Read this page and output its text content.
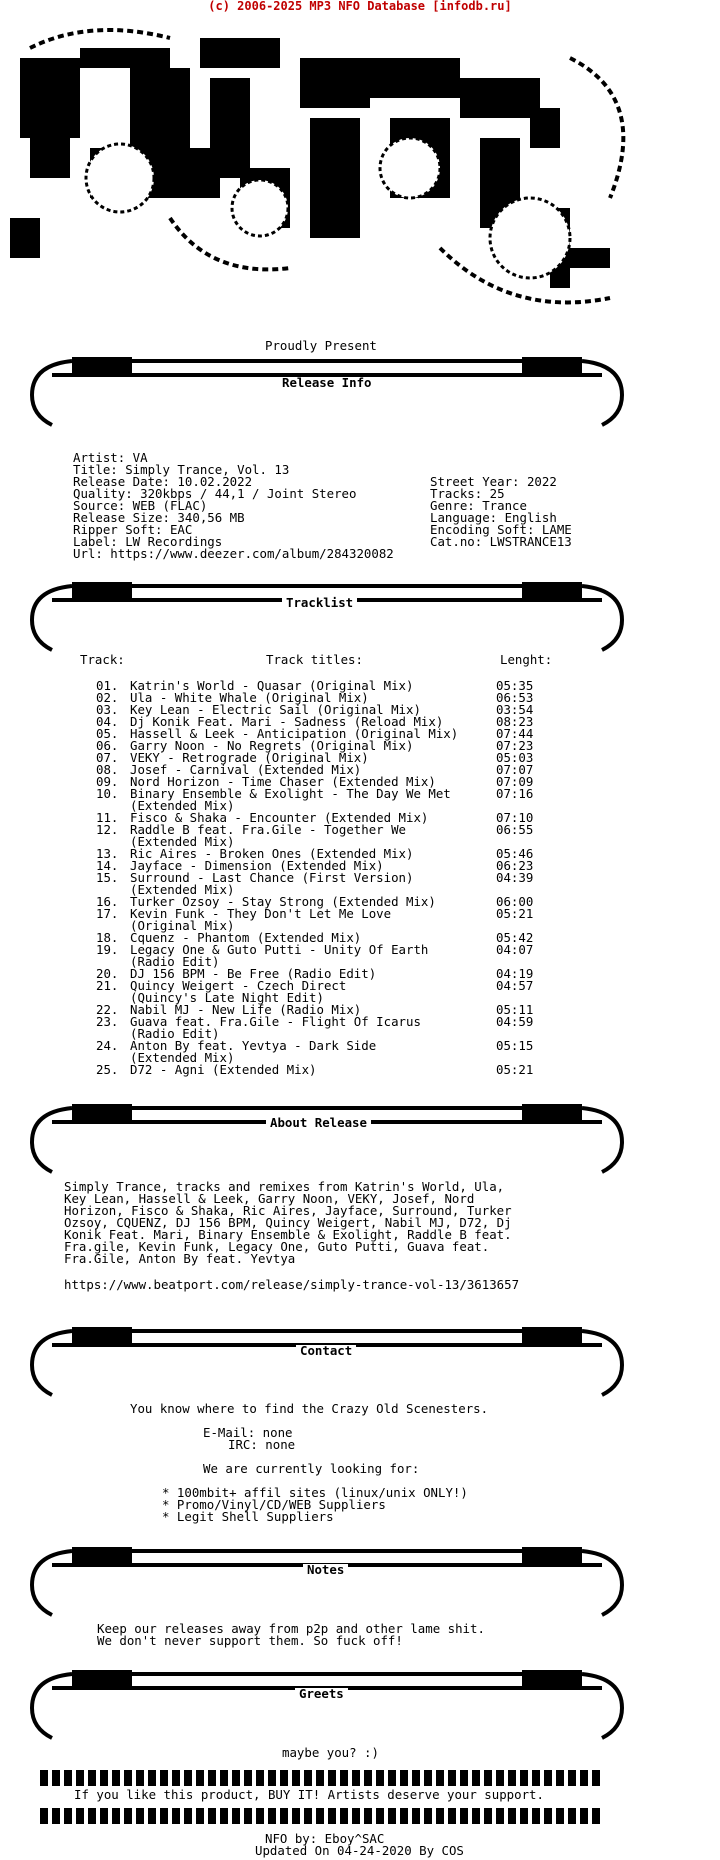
(c) 2006-2025 MP3 NFO Database [infodb.ru]
Proudly Present
Release Info
Artist: VA
Title: Simply Trance, Vol. 13
Release Date: 10.02.2022
Quality: 320kbps / 44,1 / Joint Stereo
Source: WEB (FLAC)
Release Size: 340,56 MB
Ripper Soft: EAC
Label: LW Recordings
Url: https://www.deezer.com/album/284320082
Street Year: 2022
Tracks: 25
Genre: Trance
Language: English
Encoding Soft: LAME
Cat.no: LWSTRANCE13
Tracklist
Track:	Track titles:	Lenght:
01. Katrin's World - Quasar (Original Mix)	05:35
02. Ula - White Whale (Original Mix)	06:53
03. Key Lean - Electric Sail (Original Mix)	03:54
04. Dj Konik Feat. Mari - Sadness (Reload Mix)	08:23
05. Hassell & Leek - Anticipation (Original Mix)	07:44
06. Garry Noon - No Regrets (Original Mix)	07:23
07. VEKY - Retrograde (Original Mix)	05:03
08. Josef - Carnival (Extended Mix)	07:07
09. Nord Horizon - Time Chaser (Extended Mix)	07:09
10. Binary Ensemble & Exolight - The Day We Met	07:16
(Extended Mix)
11. Fisco & Shaka - Encounter (Extended Mix)	07:10
12. Raddle B feat. Fra.Gile - Together We	06:55
(Extended Mix)
13. Ric Aires - Broken Ones (Extended Mix)	05:46
14. Jayface - Dimension (Extended Mix)	06:23
15. Surround - Last Chance (First Version)	04:39
(Extended Mix)
16. Turker Ozsoy - Stay Strong (Extended Mix)	06:00
17. Kevin Funk - They Don't Let Me Love	05:21
(Original Mix)
18. Cquenz - Phantom (Extended Mix)	05:42
19. Legacy One & Guto Putti - Unity Of Earth	04:07
(Radio Edit)
20. DJ 156 BPM - Be Free (Radio Edit)	04:19
21. Quincy Weigert - Czech Direct	04:57
(Quincy's Late Night Edit)
22. Nabil MJ - New Life (Radio Mix)	05:11
23. Guava feat. Fra.Gile - Flight Of Icarus	04:59
(Radio Edit)
24. Anton By feat. Yevtya - Dark Side	05:15
(Extended Mix)
25. D72 - Agni (Extended Mix)	05:21
About Release
Simply Trance, tracks and remixes from Katrin's World, Ula,
Key Lean, Hassell & Leek, Garry Noon, VEKY, Josef, Nord
Horizon, Fisco & Shaka, Ric Aires, Jayface, Surround, Turker
Ozsoy, CQUENZ, DJ 156 BPM, Quincy Weigert, Nabil MJ, D72, Dj
Konik Feat. Mari, Binary Ensemble & Exolight, Raddle B feat.
Fra.gile, Kevin Funk, Legacy One, Guto Putti, Guava feat.
Fra.Gile, Anton By feat. Yevtya
https://www.beatport.com/release/simply-trance-vol-13/3613657
Contact
You know where to find the Crazy Old Scenesters.
E-Mail: none
IRC: none
We are currently looking for:
* 100mbit+ affil sites (linux/unix ONLY!)
* Promo/Vinyl/CD/WEB Suppliers
* Legit Shell Suppliers
Notes
Keep our releases away from p2p and other lame shit.
We don't never support them. So fuck off!
Greets
maybe you? :)
If you like this product, BUY IT! Artists deserve your support.
NFO by: Eboy^SAC
Updated On 04-24-2020 By COS
